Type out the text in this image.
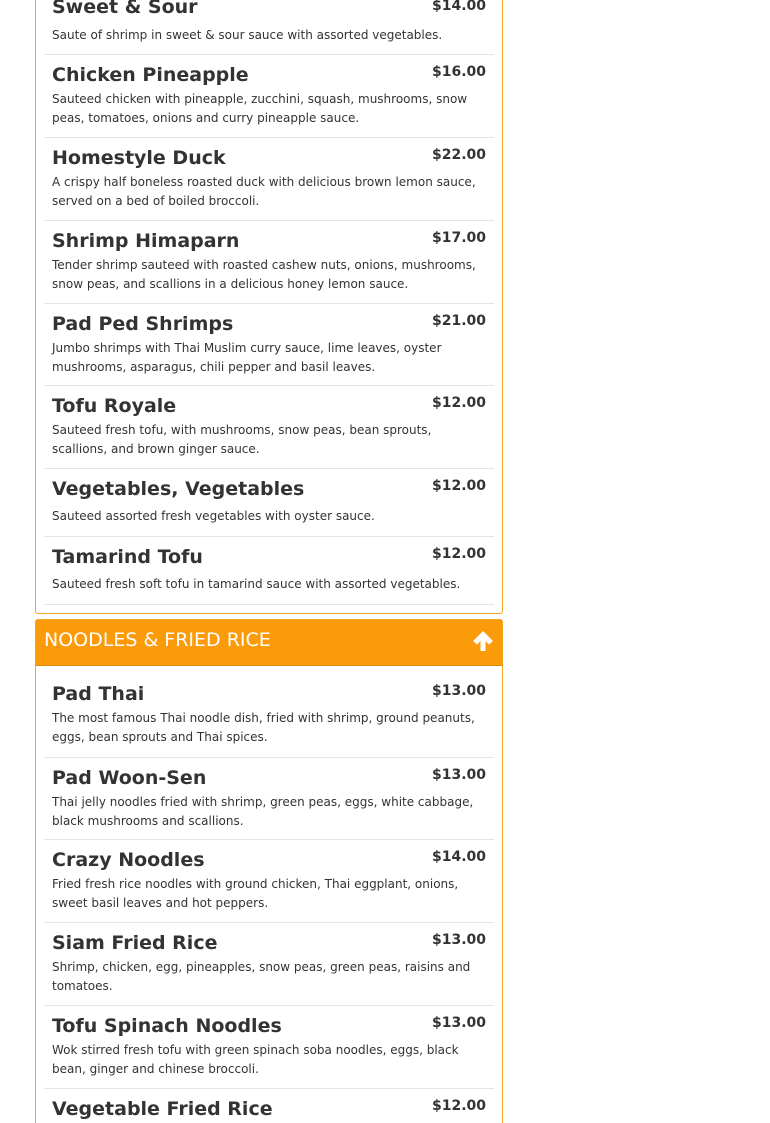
Sweet & Sour	$14.00
Saute of shrimp in sweet & sour sauce with assorted vegetables.
Chicken Pineapple	$16.00
Sauteed chicken with pineapple, zucchini, squash, mushrooms, snow peas, tomatoes, onions and curry pineapple sauce.
Homestyle Duck	$22.00
A crispy half boneless roasted duck with delicious brown lemon sauce, served on a bed of boiled broccoli.
Shrimp Himaparn	$17.00
Tender shrimp sauteed with roasted cashew nuts, onions, mushrooms, snow peas, and scallions in a delicious honey lemon sauce.
Pad Ped Shrimps	$21.00
Jumbo shrimps with Thai Muslim curry sauce, lime leaves, oyster mushrooms, asparagus, chili pepper and basil leaves.
Tofu Royale	$12.00
Sauteed fresh tofu, with mushrooms, snow peas, bean sprouts, scallions, and brown ginger sauce.
Vegetables, Vegetables	$12.00
Sauteed assorted fresh vegetables with oyster sauce.
Tamarind Tofu	$12.00
Sauteed fresh soft tofu in tamarind sauce with assorted vegetables.
NOODLES & FRIED RICE
Pad Thai	$13.00
The most famous Thai noodle dish, fried with shrimp, ground peanuts, eggs, bean sprouts and Thai spices.
Pad Woon-Sen	$13.00
Thai jelly noodles fried with shrimp, green peas, eggs, white cabbage, black mushrooms and scallions.
Crazy Noodles	$14.00
Fried fresh rice noodles with ground chicken, Thai eggplant, onions, sweet basil leaves and hot peppers.
Siam Fried Rice	$13.00
Shrimp, chicken, egg, pineapples, snow peas, green peas, raisins and tomatoes.
Tofu Spinach Noodles	$13.00
Wok stirred fresh tofu with green spinach soba noodles, eggs, black bean, ginger and chinese broccoli.
Vegetable Fried Rice	$12.00
